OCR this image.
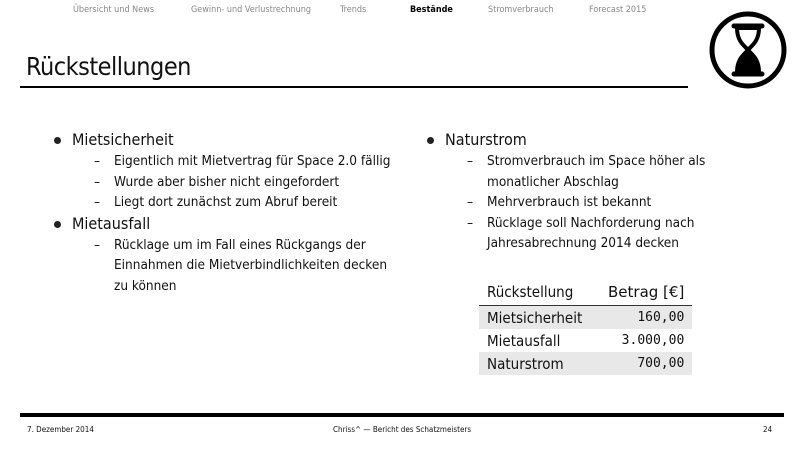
Übersicht und News	Gewinn- und Verlustrechnung	Trends	Bestände	Stromverbrauch	Forecast 2015
Rückstellungen
Mietsicherheit
– Eigentlich mit Mietvertrag für Space 2.0 fällig
– Wurde aber bisher nicht eingefordert
– Liegt dort zunächst zum Abruf bereit
Mietausfall
– Rücklage um im Fall eines Rückgangs der Einnahmen die Mietverbindlichkeiten decken zu können
Naturstrom
– Stromverbrauch im Space höher als monatlicher Abschlag
– Mehrverbrauch ist bekannt
– Rücklage soll Nachforderung nach Jahresabrechnung 2014 decken
Rückstellung	Betrag [€]
Mietsicherheit	160,00
Mietausfall	3.000,00
Naturstrom	700,00
7. Dezember 2014	Chriss^ — Bericht des Schatzmeisters	24
